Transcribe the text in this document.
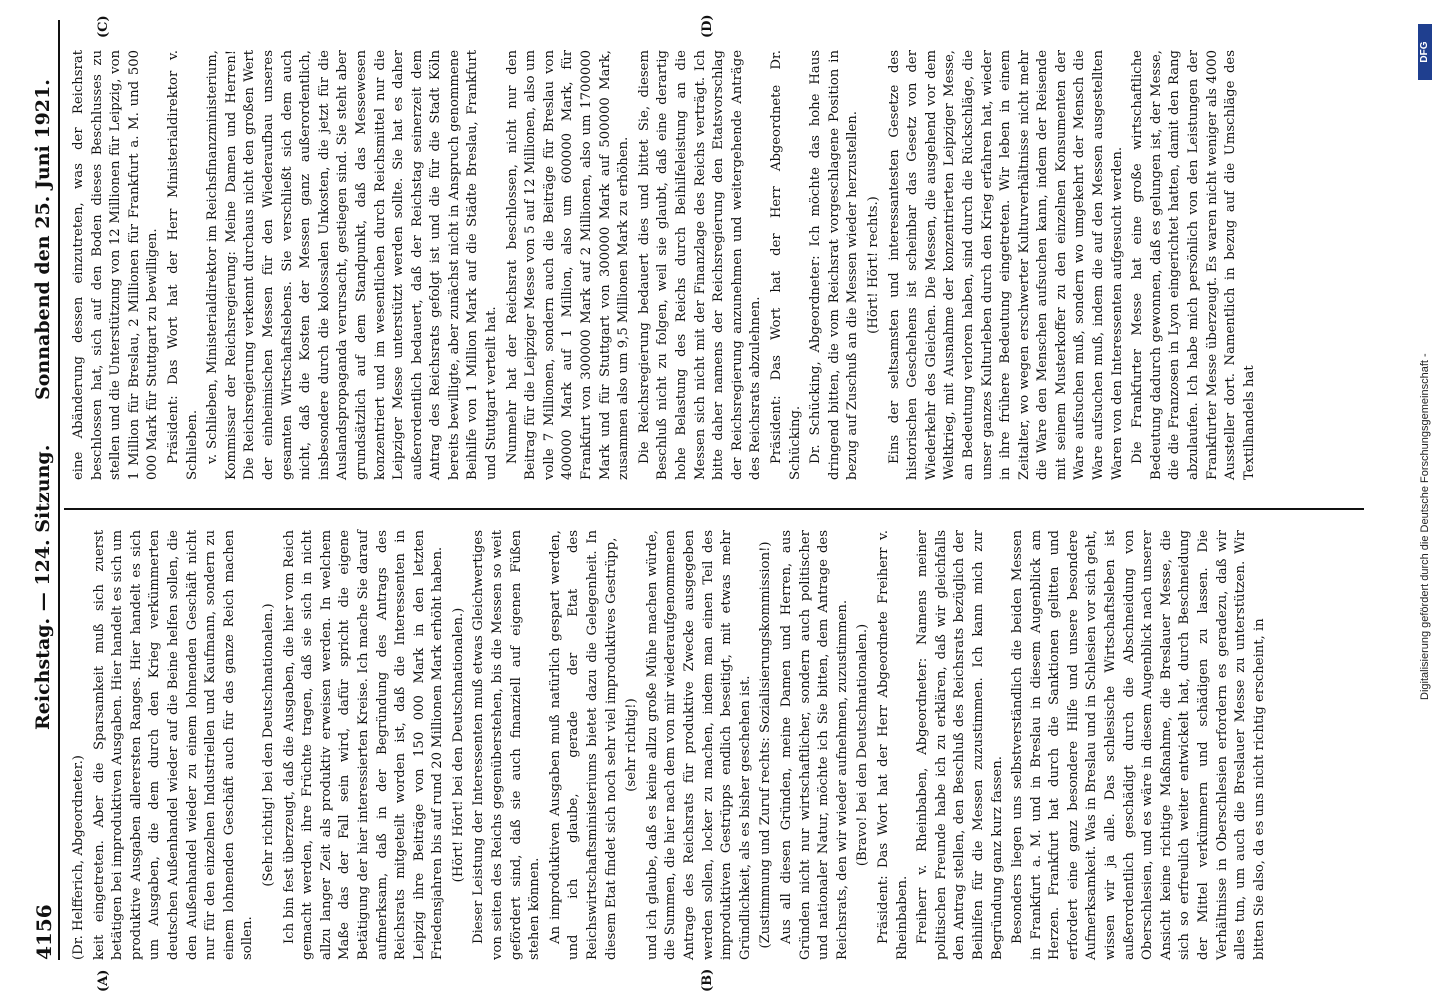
4156
Reichstag. — 124. Sitzung.
Sonnabend den 25. Juni 1921.
(A)	(B)
(C)	(D)

(Dr. Helfferich, Abgeordneter.) keit eingetreten. Aber die Sparsamkeit muß sich zuerst betätigen bei improduktiven Ausgaben. Hier handelt es sich um produktive Ausgaben allerersten Ranges. Hier handelt es sich um Ausgaben, die dem durch den Krieg verkümmerten deutschen Außenhandel wieder auf die Beine helfen sollen, die den Außenhandel wieder zu einem lohnenden Geschäft nicht nur für den einzelnen Industriellen und Kaufmann, sondern zu einem lohnenden Geschäft auch für das ganze Reich machen sollen.

(Sehr richtig! bei den Deutschnationalen.) Ich bin fest überzeugt, daß die Ausgaben, die hier vom Reich gemacht werden, ihre Früchte tragen, daß sie sich in nicht allzu langer Zeit als produktiv erweisen werden. In welchem Maße das der Fall sein wird, dafür spricht die eigene Betätigung der hier interessierten Kreise. Ich mache Sie darauf aufmerksam, daß in der Begründung des Antrags des Reichsrats mitgeteilt worden ist, daß die Interessenten in Leipzig ihre Beiträge von 150 000 Mark in den letzten Friedensjahren bis auf rund 20 Millionen Mark erhöht haben. (Hört! Hört! bei den Deutschnationalen.) Dieser Leistung der Interessenten muß etwas Gleichwertiges von seiten des Reichs gegenüberstehen, bis die Messen so weit gefördert sind, daß sie auch finanziell auf eigenen Füßen stehen können. An improduktiven Ausgaben muß natürlich gespart werden, und ich glaube, gerade der Etat des Reichswirtschaftsministeriums bietet dazu die Gelegenheit. In diesem Etat findet sich noch sehr viel improduktives Gestrüpp, (sehr richtig!) und ich glaube, daß es keine allzu große Mühe machen würde, die Summen, die hier nach dem von mir wiederaufgenommenen Antrage des Reichsrats für produktive Zwecke ausgegeben werden sollen, locker zu machen, indem man einen Teil des improduktiven Gestrüpps endlich beseitigt, mit etwas mehr Gründlichkeit, als es bisher geschehen ist. (Zustimmung und Zuruf rechts: Sozialisierungskommission!) Aus all diesen Gründen, meine Damen und Herren, aus Gründen nicht nur wirtschaftlicher, sondern auch politischer und nationaler Natur, möchte ich Sie bitten, dem Antrage des Reichsrats, den wir wieder aufnehmen, zuzustimmen. (Bravo! bei den Deutschnationalen.) Präsident: Das Wort hat der Herr Abgeordnete Freiherr v. Rheinbaben. Freiherr v. Rheinbaben, Abgeordneter: Namens meiner politischen Freunde habe ich zu erklären, daß wir gleichfalls den Antrag stellen, den Beschluß des Reichsrats bezüglich der Beihilfen für die Messen zuzustimmen. Ich kann mich zur Begründung ganz kurz fassen. Besonders liegen uns selbstverständlich die beiden Messen in Frankfurt a. M. und in Breslau in diesem Augenblick am Herzen. Frankfurt hat durch die Sanktionen gelitten und erfordert eine ganz besondere Hilfe und unsere besondere Aufmerksamkeit. Was in Breslau und in Schlesien vor sich geht, wissen wir ja alle. Das schlesische Wirtschaftsleben ist außerordentlich geschädigt durch die Abschneidung von Oberschlesien, und es wäre in diesem Augenblick nach unserer Ansicht keine richtige Maßnahme, die Breslauer Messe, die sich so erfreulich weiter entwickelt hat, durch Beschneidung der Mittel verkümmern und schädigen zu lassen. Die Verhältnisse in Oberschlesien erfordern es geradezu, daß wir alles tun, um auch die Breslauer Messe zu unterstützen. Wir bitten Sie also, da es uns nicht richtig erscheint, in

eine Abänderung dessen einzutreten, was der Reichsrat beschlossen hat, sich auf den Boden dieses Beschlusses zu stellen und die Unterstützung von 12 Millionen für Leipzig, von 1 Million für Breslau, 2 Millionen für Frankfurt a. M. und 500 000 Mark für Stuttgart zu bewilligen. Präsident: Das Wort hat der Herr Ministerialdirektor v. Schlieben. v. Schlieben, Ministerialdirektor im Reichsfinanzministerium, Kommissar der Reichsregierung: Meine Damen und Herren! Die Reichsregierung verkennt durchaus nicht den großen Wert der einheimischen Messen für den Wiederaufbau unseres gesamten Wirtschaftslebens. Sie verschließt sich dem auch nicht, daß die Kosten der Messen ganz außerordentlich, insbesondere durch die kolossalen Unkosten, die jetzt für die Auslandspropaganda verursacht, gestiegen sind. Sie steht aber grundsätzlich auf dem Standpunkt, daß das Messewesen konzentriert und im wesentlichen durch Reichsmittel nur die Leipziger Messe unterstützt werden sollte. Sie hat es daher außerordentlich bedauert, daß der Reichstag seinerzeit dem Antrag des Reichsrats gefolgt ist und die für die Stadt Köln bereits bewilligte, aber zunächst nicht in Anspruch genommene Beihilfe von 1 Million Mark auf die Städte Breslau, Frankfurt und Stuttgart verteilt hat. Nunmehr hat der Reichsrat beschlossen, nicht nur den Beitrag für die Leipziger Messe von 5 auf 12 Millionen, also um volle 7 Millionen, sondern auch die Beiträge für Breslau von 400000 Mark auf 1 Million, also um 600000 Mark, für Frankfurt von 300000 Mark auf 2 Millionen, also um 1700000 Mark und für Stuttgart von 300000 Mark auf 500000 Mark, zusammen also um 9,5 Millionen Mark zu erhöhen. Die Reichsregierung bedauert dies und bittet Sie, diesem Beschluß nicht zu folgen, weil sie glaubt, daß eine derartig hohe Belastung des Reichs durch Beihilfeleistung an die Messen sich nicht mit der Finanzlage des Reichs verträgt. Ich bitte daher namens der Reichsregierung den Etatsvorschlag der Reichsregierung anzunehmen und weitergehende Anträge des Reichsrats abzulehnen. Präsident: Das Wort hat der Herr Abgeordnete Dr. Schücking. Dr. Schücking, Abgeordneter: Ich möchte das hohe Haus dringend bitten, die vom Reichsrat vorgeschlagene Position in bezug auf Zuschuß an die Messen wieder herzustellen. (Hört! Hört! rechts.) Eins der seltsamsten und interessantesten Gesetze des historischen Geschehens ist scheinbar das Gesetz von der Wiederkehr des Gleichen. Die Messen, die ausgehend vor dem Weltkrieg, mit Ausnahme der konzentrierten Leipziger Messe, an Bedeutung verloren haben, sind durch die Rückschläge, die unser ganzes Kulturleben durch den Krieg erfahren hat, wieder in ihre frühere Bedeutung eingetreten. Wir leben in einem Zeitalter, wo wegen erschwerter Kulturverhältnisse nicht mehr die Ware den Menschen aufsuchen kann, indem der Reisende mit seinem Musterkoffer zu den einzelnen Konsumenten der Ware aufsuchen muß, sondern wo umgekehrt der Mensch die Ware aufsuchen muß, indem die auf den Messen ausgestellten Waren von den Interessenten aufgesucht werden. Die Frankfurter Messe hat eine große wirtschaftliche Bedeutung dadurch gewonnen, daß es gelungen ist, der Messe, die die Franzosen in Lyon eingerichtet hatten, damit den Rang abzulaufen. Ich habe mich persönlich von den Leistungen der Frankfurter Messe überzeugt. Es waren nicht weniger als 4000 Aussteller dort. Namentlich in bezug auf die Umschläge des Textilhandels hat	Digitalisierung gefördert durch die Deutsche Forschungsgemeinschaft -
DFG
